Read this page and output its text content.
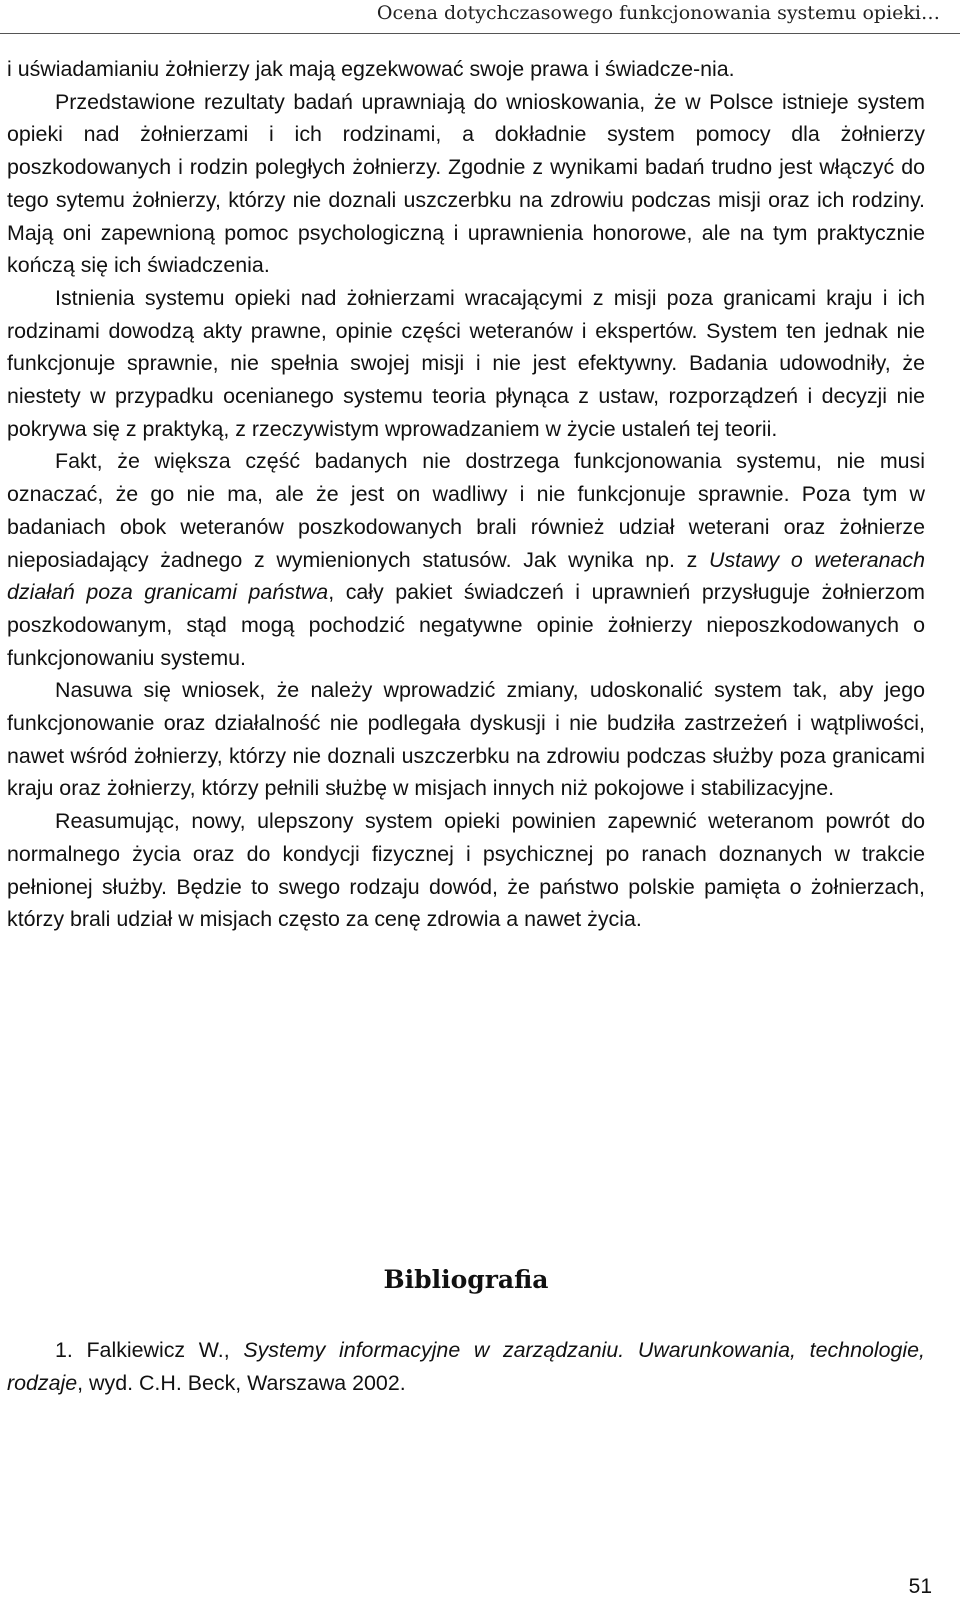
Ocena dotychczasowego funkcjonowania systemu opieki…

i uświadamianiu żołnierzy jak mają egzekwować swoje prawa i świadcze-nia.

Przedstawione rezultaty badań uprawniają do wnioskowania, że w Polsce istnieje system opieki nad żołnierzami i ich rodzinami, a dokładnie system pomocy dla żołnierzy poszkodowanych i rodzin poległych żołnierzy. Zgodnie z wynikami badań trudno jest włączyć do tego sytemu żołnierzy, którzy nie doznali uszczerbku na zdrowiu podczas misji oraz ich rodziny. Mają oni zapewnioną pomoc psychologiczną i uprawnienia honorowe, ale na tym praktycznie kończą się ich świadczenia.

Istnienia systemu opieki nad żołnierzami wracającymi z misji poza granicami kraju i ich rodzinami dowodzą akty prawne, opinie części weteranów i ekspertów. System ten jednak nie funkcjonuje sprawnie, nie spełnia swojej misji i nie jest efektywny. Badania udowodniły, że niestety w przypadku ocenianego systemu teoria płynąca z ustaw, rozporządzeń i decyzji nie pokrywa się z praktyką, z rzeczywistym wprowadzaniem w życie ustaleń tej teorii.

Fakt, że większa część badanych nie dostrzega funkcjonowania systemu, nie musi oznaczać, że go nie ma, ale że jest on wadliwy i nie funkcjonuje sprawnie. Poza tym w badaniach obok weteranów poszkodowanych brali również udział weterani oraz żołnierze nieposiadający żadnego z wymienionych statusów. Jak wynika np. z Ustawy o weteranach działań poza granicami państwa, cały pakiet świadczeń i uprawnień przysługuje żołnierzom poszkodowanym, stąd mogą pochodzić negatywne opinie żołnierzy nieposzkodowanych o funkcjonowaniu systemu.

Nasuwa się wniosek, że należy wprowadzić zmiany, udoskonalić system tak, aby jego funkcjonowanie oraz działalność nie podlegała dyskusji i nie budziła zastrzeżeń i wątpliwości, nawet wśród żołnierzy, którzy nie doznali uszczerbku na zdrowiu podczas służby poza granicami kraju oraz żołnierzy, którzy pełnili służbę w misjach innych niż pokojowe i stabilizacyjne.

Reasumując, nowy, ulepszony system opieki powinien zapewnić weteranom powrót do normalnego życia oraz do kondycji fizycznej i psychicznej po ranach doznanych w trakcie pełnionej służby. Będzie to swego rodzaju dowód, że państwo polskie pamięta o żołnierzach, którzy brali udział w misjach często za cenę zdrowia a nawet życia.

Bibliografia
1. Falkiewicz W., Systemy informacyjne w zarządzaniu. Uwarunkowania, technologie, rodzaje, wyd. C.H. Beck, Warszawa 2002.
51
